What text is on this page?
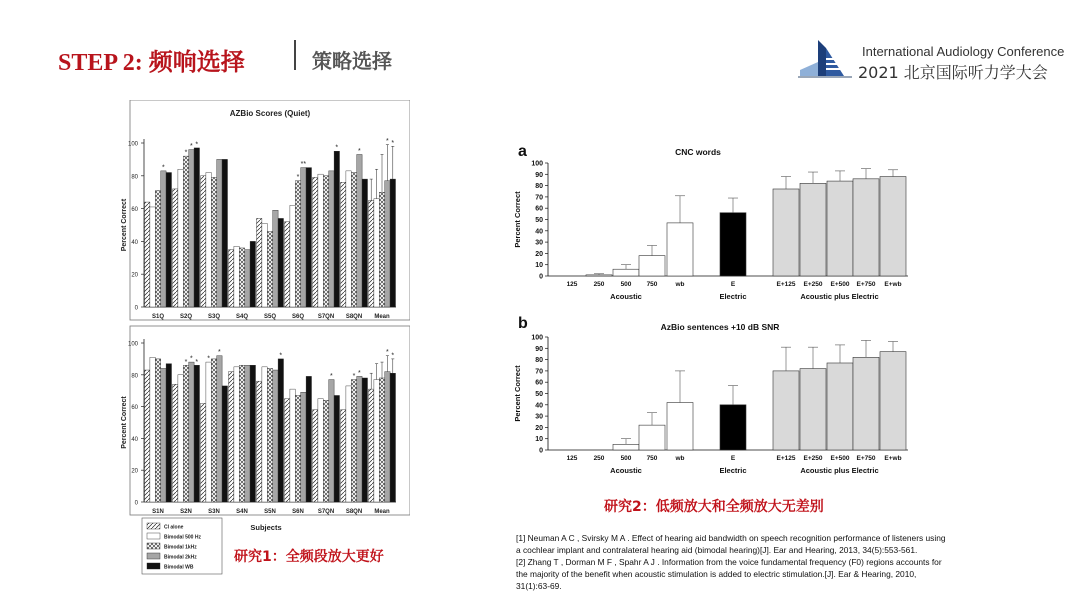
STEP 2: 频响选择	策略选择	International Audiology Conference
2021 北京国际听力学大会
AZBio Scores (Quiet)
0
20
40
60
80
100
Percent Correct
S1Q	S2Q	S3Q	S4Q	S5Q	S6Q S7QN S8QN Mean
*
*
* *
*
**
*	*
* *
0
20
40
60
80
100
Percent Correct
S1N	S2N	S3N	S4N	S5N	S6N S7QN S8QN Mean
* * * *
*	*
*	* *
* *
Subjects
CI alone
Bimodal 500 Hz
Bimodal 1kHz
Bimodal 2kHz
Bimodal WB
研究1：全频段放大更好
a	CNC words
0
10
20
30
40
50
60
70
80
90
100
Percent Correct
125 250 500 750	wb	E	E+125 E+250 E+500 E+750 E+wb
Acoustic	Electric	Acoustic plus Electric
b	AzBio sentences +10 dB SNR
0
10
20
30
40
50
60
70
80
90
100
Percent Correct
125 250 500 750	wb	E	E+125 E+250 E+500 E+750 E+wb
Acoustic	Electric	Acoustic plus Electric
研究2：低频放大和全频放大无差别
[1] Neuman A C , Svirsky M A . Effect of hearing aid bandwidth on speech recognition performance of listeners using
a cochlear implant and contralateral hearing aid (bimodal hearing)[J]. Ear and Hearing, 2013, 34(5):553-561.
[2] Zhang T , Dorman M F , Spahr A J . Information from the voice fundamental frequency (F0) regions accounts for
the majority of the benefit when acoustic stimulation is added to electric stimulation.[J]. Ear & Hearing, 2010,
31(1):63-69.
